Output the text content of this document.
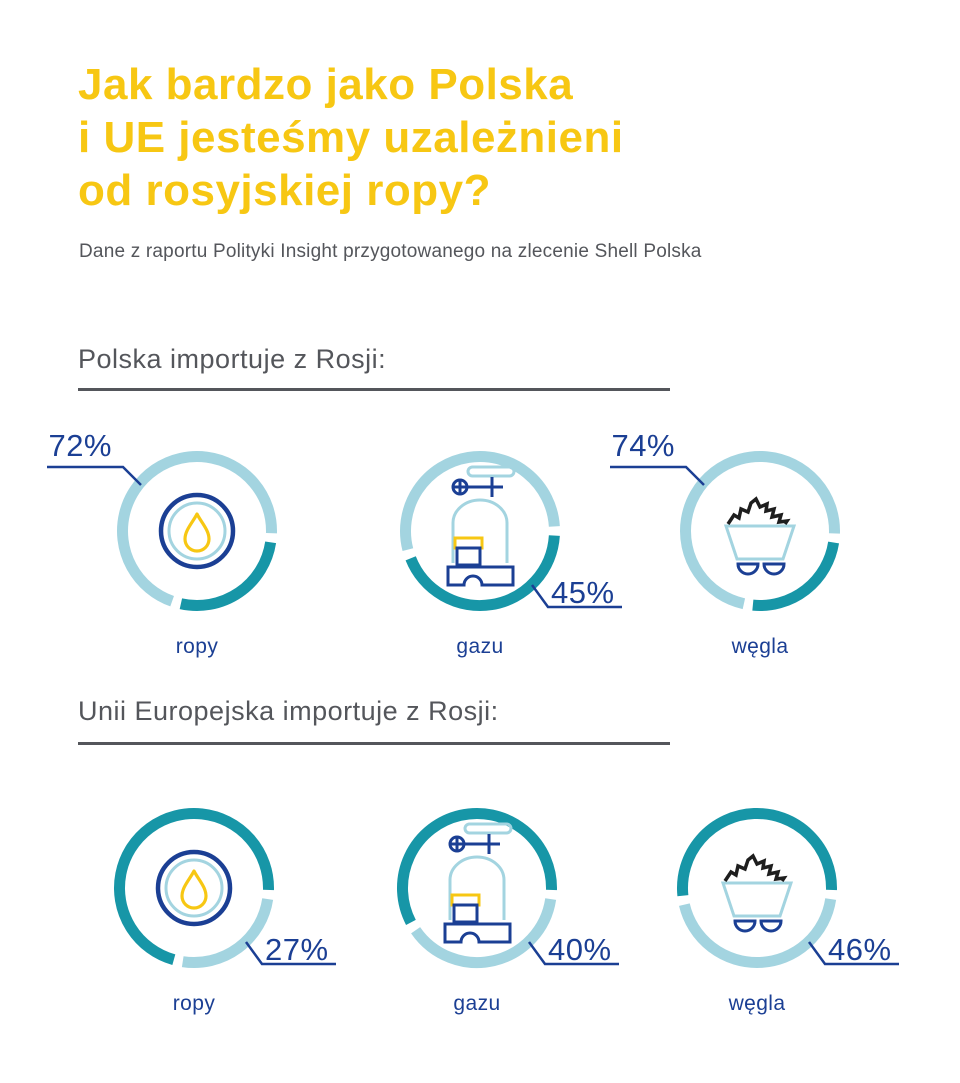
Jak bardzo jako Polska
i UE jesteśmy uzależnieni
od rosyjskiej ropy?
Dane z raportu Polityki Insight przygotowanego na zlecenie Shell Polska
Polska importuje z Rosji:
ropy
72%
gazu
45%
węgla
74%
Unii Europejska importuje z Rosji:
ropy
27%
gazu
40%
węgla
46%
